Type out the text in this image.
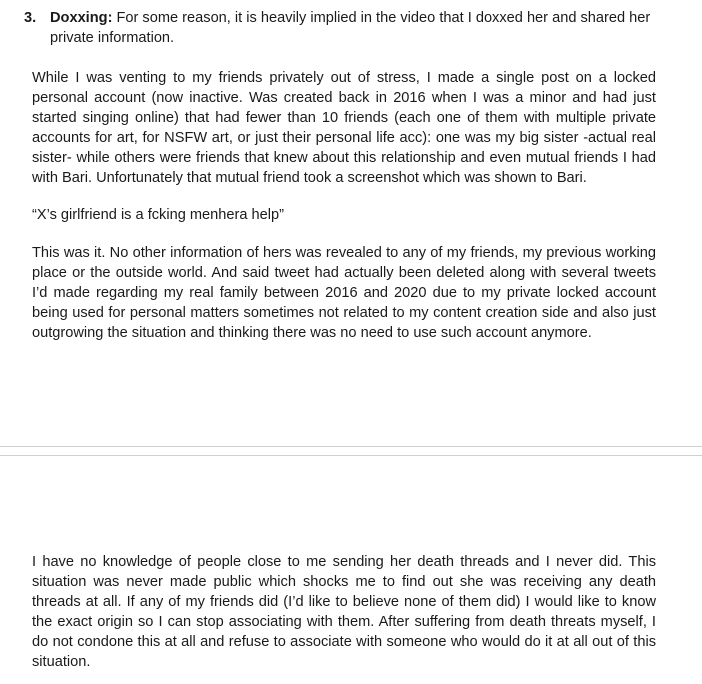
3. Doxxing: For some reason, it is heavily implied in the video that I doxxed her and shared her private information.

While I was venting to my friends privately out of stress, I made a single post on a locked personal account (now inactive. Was created back in 2016 when I was a minor and had just started singing online) that had fewer than 10 friends (each one of them with multiple private accounts for art, for NSFW art, or just their personal life acc): one was my big sister -actual real sister- while others were friends that knew about this relationship and even mutual friends I had with Bari. Unfortunately that mutual friend took a screenshot which was shown to Bari.

“X’s girlfriend is a fcking menhera help”

This was it. No other information of hers was revealed to any of my friends, my previous working place or the outside world. And said tweet had actually been deleted along with several tweets I’d made regarding my real family between 2016 and 2020 due to my private locked account being used for personal matters sometimes not related to my content creation side and also just outgrowing the situation and thinking there was no need to use such account anymore.

I have no knowledge of people close to me sending her death threads and I never did. This situation was never made public which shocks me to find out she was receiving any death threads at all. If any of my friends did (I’d like to believe none of them did) I would like to know the exact origin so I can stop associating with them. After suffering from death threats myself, I do not condone this at all and refuse to associate with someone who would do it at all out of this situation.
